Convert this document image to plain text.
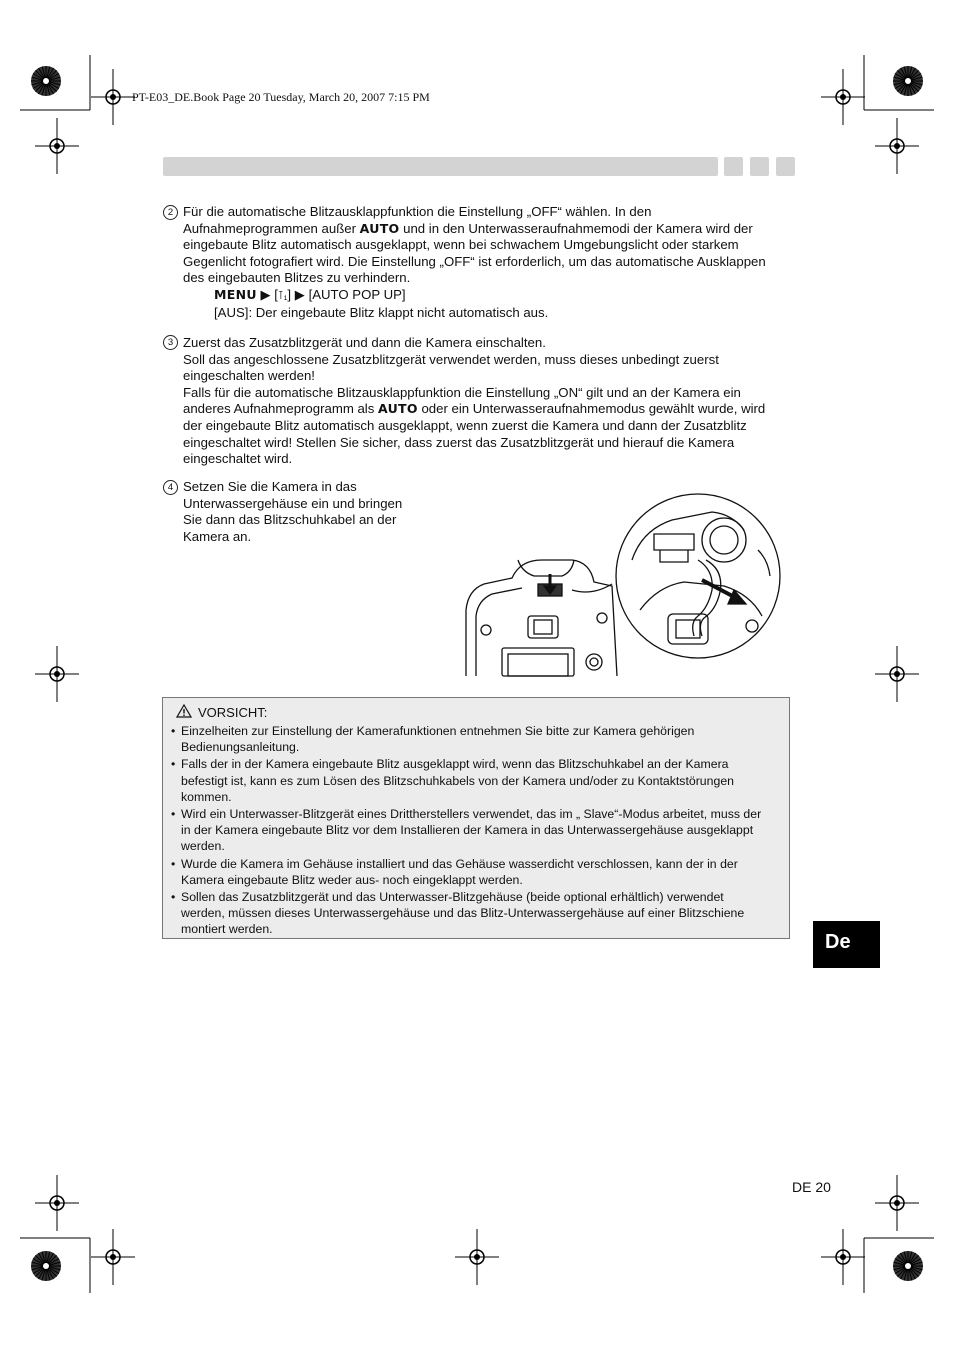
PT-E03_DE.Book Page 20 Tuesday, March 20, 2007 7:15 PM
2 Für die automatische Blitzausklappfunktion die Einstellung „OFF“ wählen. In den
Aufnahmeprogrammen außer AUTO und in den Unterwasseraufnahmemodi der Kamera wird der
eingebaute Blitz automatisch ausgeklappt, wenn bei schwachem Umgebungslicht oder starkem
Gegenlicht fotografiert wird. Die Einstellung „OFF“ ist erforderlich, um das automatische Ausklappen
des eingebauten Blitzes zu verhindern.
MENU ▶ [⊺₁] ▶ [AUTO POP UP]
[AUS]: Der eingebaute Blitz klappt nicht automatisch aus.
3 Zuerst das Zusatzblitzgerät und dann die Kamera einschalten.
Soll das angeschlossene Zusatzblitzgerät verwendet werden, muss dieses unbedingt zuerst
eingeschalten werden!
Falls für die automatische Blitzausklappfunktion die Einstellung „ON“ gilt und an der Kamera ein
anderes Aufnahmeprogramm als AUTO oder ein Unterwasseraufnahmemodus gewählt wurde, wird
der eingebaute Blitz automatisch ausgeklappt, wenn zuerst die Kamera und dann der Zusatzblitz
eingeschaltet wird! Stellen Sie sicher, dass zuerst das Zusatzblitzgerät und hierauf die Kamera
eingeschaltet wird.
4 Setzen Sie die Kamera in das
Unterwassergehäuse ein und bringen
Sie dann das Blitzschuhkabel an der
Kamera an.
VORSICHT:
• Einzelheiten zur Einstellung der Kamerafunktionen entnehmen Sie bitte zur Kamera gehörigen
Bedienungsanleitung.
• Falls der in der Kamera eingebaute Blitz ausgeklappt wird, wenn das Blitzschuhkabel an der Kamera
befestigt ist, kann es zum Lösen des Blitzschuhkabels von der Kamera und/oder zu Kontaktstörungen
kommen.
• Wird ein Unterwasser-Blitzgerät eines Drittherstellers verwendet, das im „ Slave“-Modus arbeitet, muss der
in der Kamera eingebaute Blitz vor dem Installieren der Kamera in das Unterwassergehäuse ausgeklappt
werden.
• Wurde die Kamera im Gehäuse installiert und das Gehäuse wasserdicht verschlossen, kann der in der
Kamera eingebaute Blitz weder aus- noch eingeklappt werden.
• Sollen das Zusatzblitzgerät und das Unterwasser-Blitzgehäuse (beide optional erhältlich) verwendet
werden, müssen dieses Unterwassergehäuse und das Blitz-Unterwassergehäuse auf einer Blitzschiene
montiert werden.
De
DE 20
